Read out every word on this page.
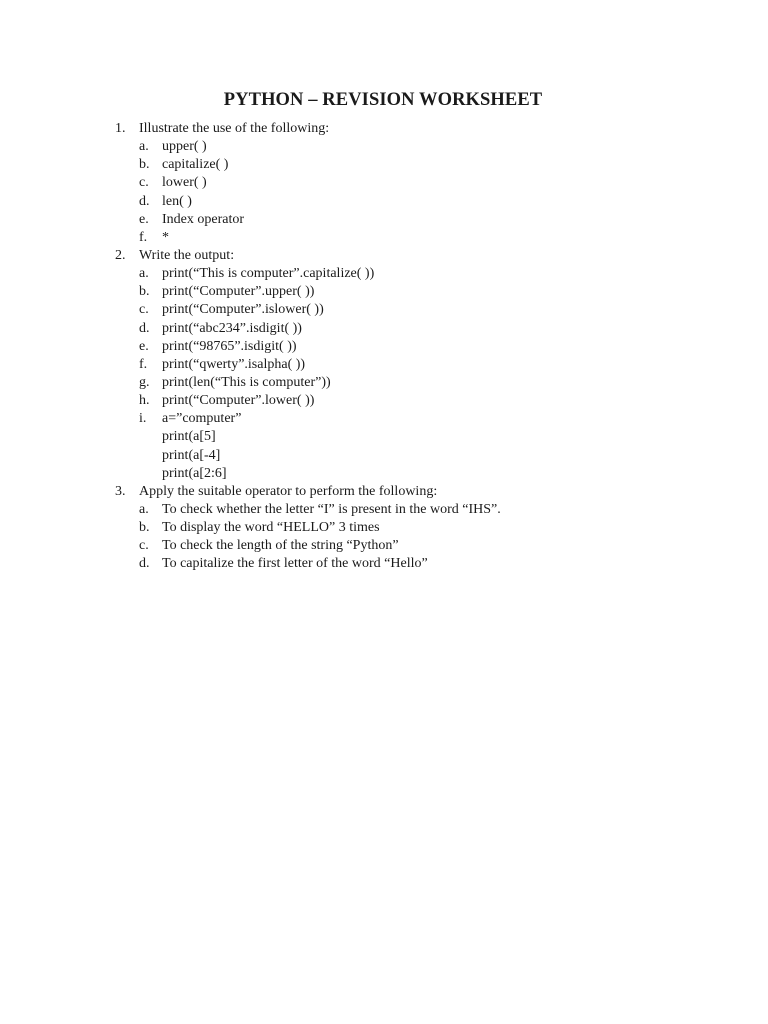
PYTHON – REVISION WORKSHEET
1. Illustrate the use of the following:
a. upper( )
b. capitalize( )
c. lower( )
d. len( )
e. Index operator
f. *
2. Write the output:
a. print(“This is computer”.capitalize( ))
b. print(“Computer”.upper( ))
c. print(“Computer”.islower( ))
d. print(“abc234”.isdigit( ))
e. print(“98765”.isdigit( ))
f. print(“qwerty”.isalpha( ))
g. print(len(“This is computer”))
h. print(“Computer”.lower( ))
i. a=”computer”
print(a[5]
print(a[-4]
print(a[2:6]
3. Apply the suitable operator to perform the following:
a. To check whether the letter “I” is present in the word “IHS”.
b. To display the word “HELLO” 3 times
c. To check the length of the string “Python”
d. To capitalize the first letter of the word “Hello”
